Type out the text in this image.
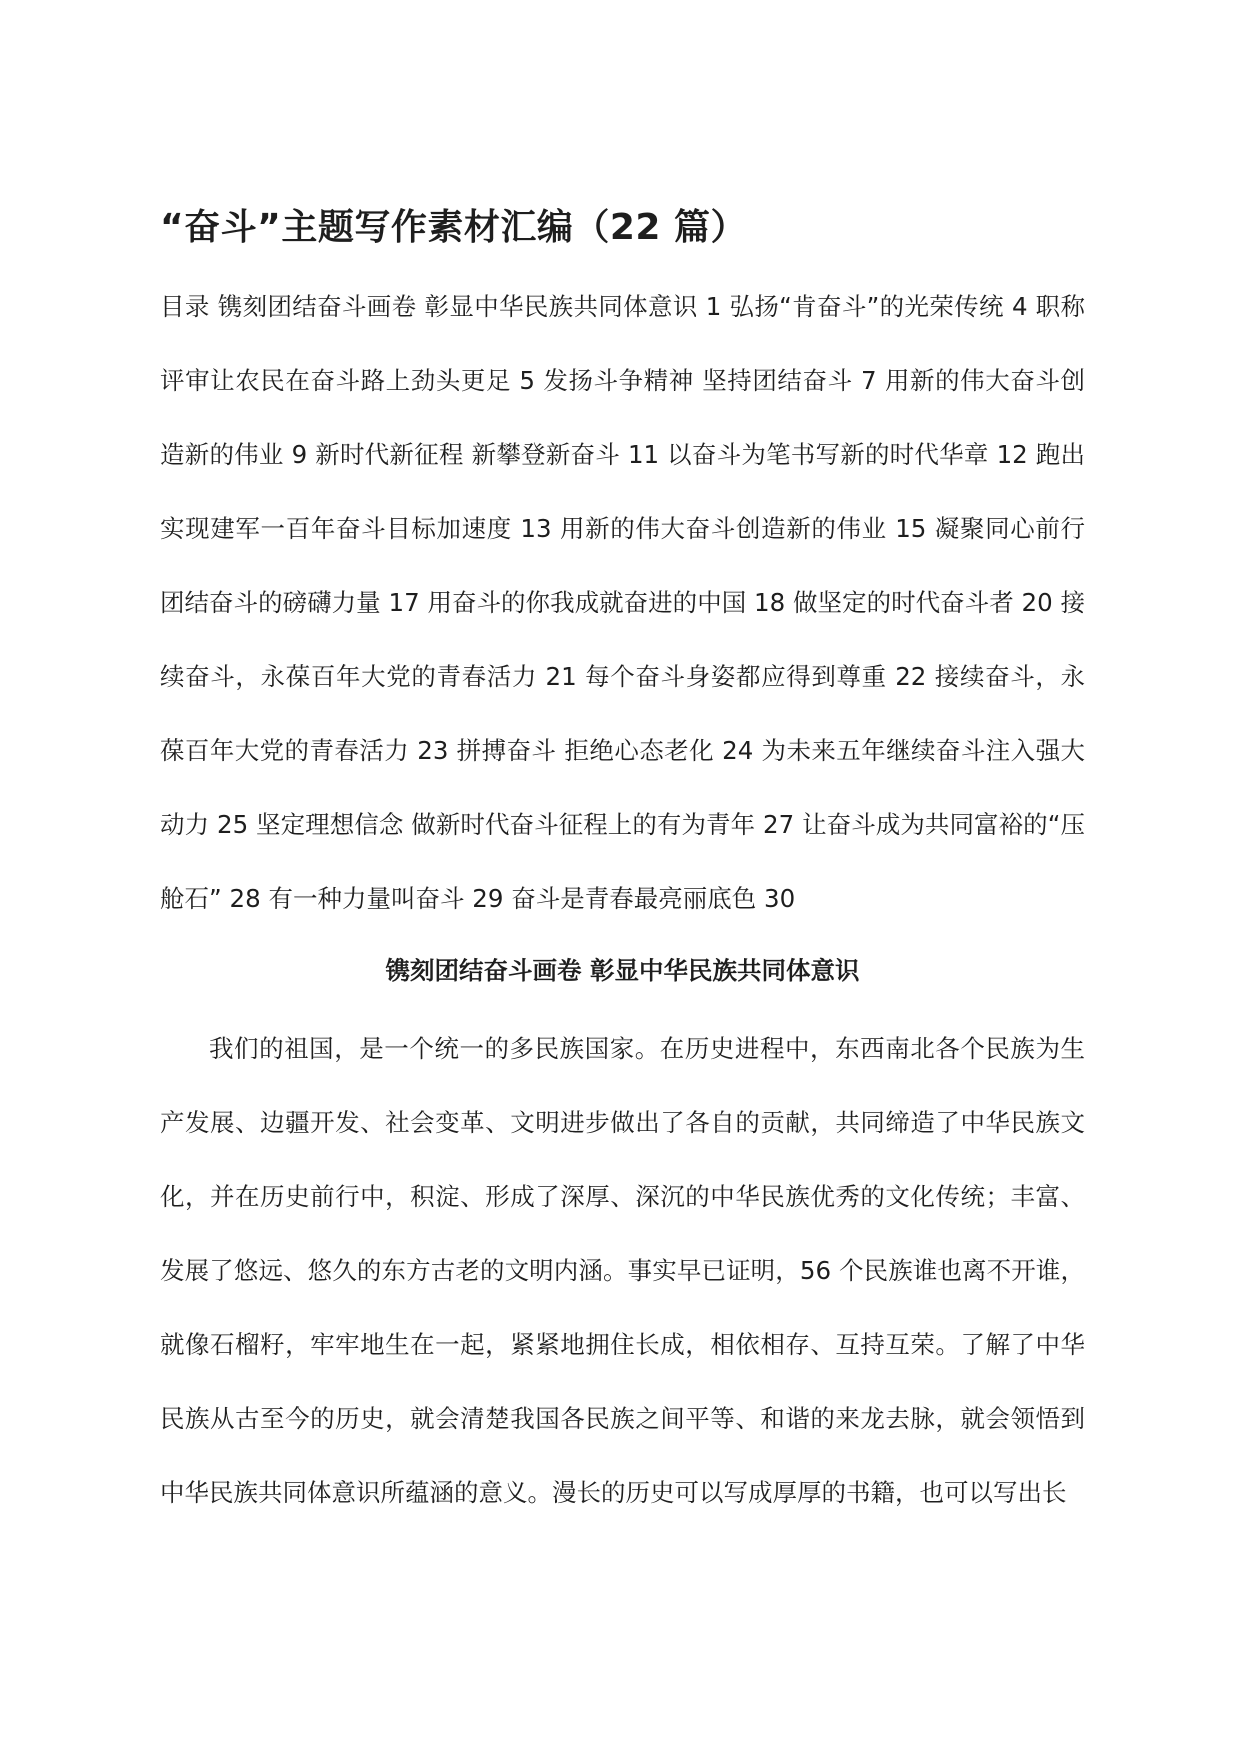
“奋斗”主题写作素材汇编（22 篇）
目录 镌刻团结奋斗画卷 彰显中华民族共同体意识 1 弘扬“肯奋斗”的光荣传统 4 职称评审让农民在奋斗路上劲头更足 5 发扬斗争精神 坚持团结奋斗 7 用新的伟大奋斗创造新的伟业 9 新时代新征程 新攀登新奋斗 11 以奋斗为笔书写新的时代华章 12 跑出实现建军一百年奋斗目标加速度 13 用新的伟大奋斗创造新的伟业 15 凝聚同心前行团结奋斗的磅礴力量 17 用奋斗的你我成就奋进的中国 18 做坚定的时代奋斗者 20 接续奋斗，永葆百年大党的青春活力 21 每个奋斗身姿都应得到尊重 22 接续奋斗，永葆百年大党的青春活力 23 拼搏奋斗 拒绝心态老化 24 为未来五年继续奋斗注入强大动力 25 坚定理想信念 做新时代奋斗征程上的有为青年 27 让奋斗成为共同富裕的“压舱石” 28 有一种力量叫奋斗 29 奋斗是青春最亮丽底色 30
镌刻团结奋斗画卷 彰显中华民族共同体意识

我们的祖国，是一个统一的多民族国家。在历史进程中，东西南北各个民族为生产发展、边疆开发、社会变革、文明进步做出了各自的贡献，共同缔造了中华民族文化，并在历史前行中，积淀、形成了深厚、深沉的中华民族优秀的文化传统；丰富、发展了悠远、悠久的东方古老的文明内涵。事实早已证明，56 个民族谁也离不开谁，就像石榴籽，牢牢地生在一起，紧紧地拥住长成，相依相存、互持互荣。了解了中华民族从古至今的历史，就会清楚我国各民族之间平等、和谐的来龙去脉，就会领悟到中华民族共同体意识所蕴涵的意义。漫长的历史可以写成厚厚的书籍，也可以写出长
